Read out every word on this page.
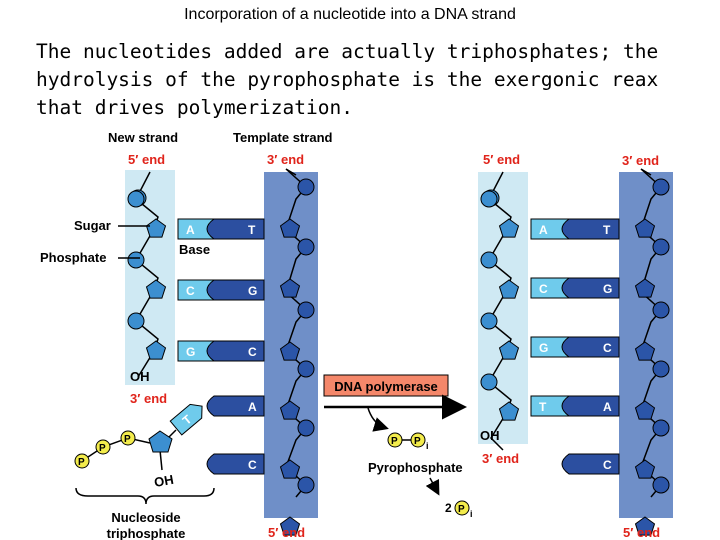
Incorporation of a nucleotide into a DNA strand
The nucleotides added are actually triphosphates; the
hydrolysis of the pyrophosphate is the exergonic reax
that drives polymerization.
A	T
C	G
G	C
A
C
A	T
C	G
G	C
T	A
C
New strand	Template strand
5′ end	3′ end
3′ end
OH
5′ end
Sugar
Phosphate
Base
T
P
P
P
OH
Nucleoside
triphosphate
DNA polymerase
P P i
Pyrophosphate
2 P i
5′ end	3′ end
OH
3′ end
5′ end
